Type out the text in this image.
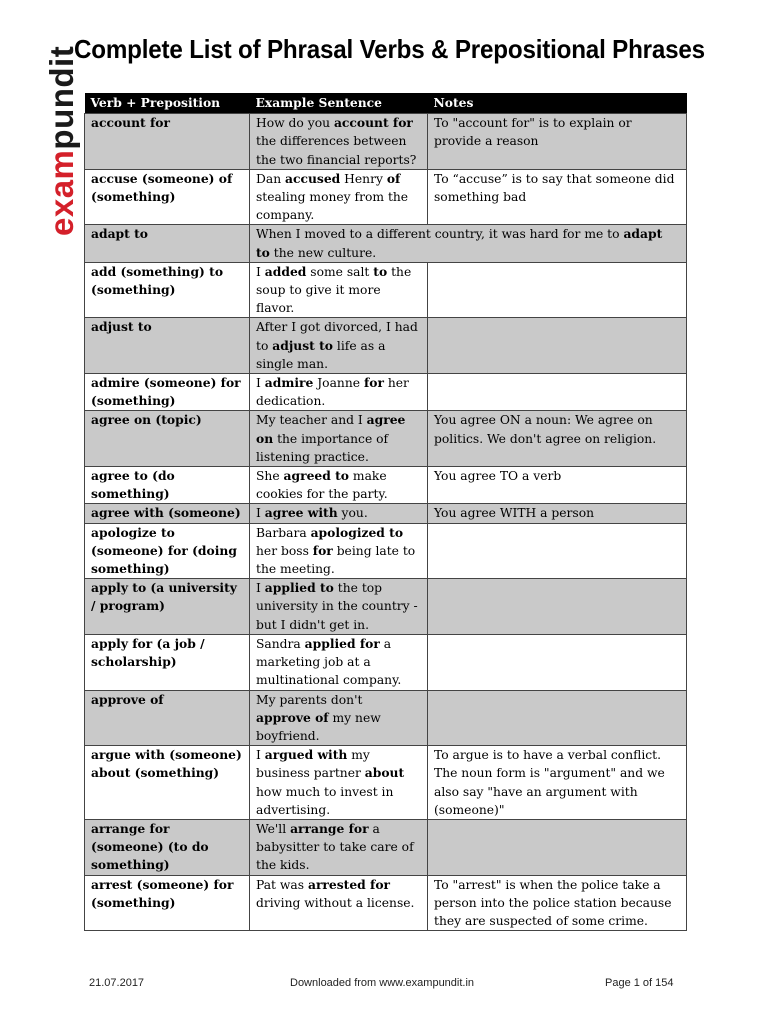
exampundit
Complete List of Phrasal Verbs & Prepositional Phrases
Verb + Preposition	Example Sentence	Notes
account for	How do you account for the differences between the two financial reports?	To "account for" is to explain or provide a reason
accuse (someone) of (something)	Dan accused Henry of stealing money from the company.	To “accuse” is to say that someone did something bad
adapt to	When I moved to a different country, it was hard for me to adapt to the new culture.	
add (something) to (something)	I added some salt to the soup to give it more flavor.	
adjust to	After I got divorced, I had to adjust to life as a single man.	
admire (someone) for (something)	I admire Joanne for her dedication.	
agree on (topic)	My teacher and I agree on the importance of listening practice.	You agree ON a noun: We agree on politics. We don't agree on religion.
agree to (do something)	She agreed to make cookies for the party.	You agree TO a verb
agree with (someone)	I agree with you.	You agree WITH a person
apologize to (someone) for (doing something)	Barbara apologized to her boss for being late to the meeting.	
apply to (a university / program)	I applied to the top university in the country - but I didn't get in.	
apply for (a job / scholarship)	Sandra applied for a marketing job at a multinational company.	
approve of	My parents don't approve of my new boyfriend.	
argue with (someone) about (something)	I argued with my business partner about how much to invest in advertising.	To argue is to have a verbal conflict. The noun form is "argument" and we also say "have an argument with (someone)"
arrange for (someone) (to do something)	We'll arrange for a babysitter to take care of the kids.	
arrest (someone) for (something)	Pat was arrested for driving without a license.	To "arrest" is when the police take a person into the police station because they are suspected of some crime.
21.07.2017	Downloaded from www.exampundit.in	Page 1 of 154
